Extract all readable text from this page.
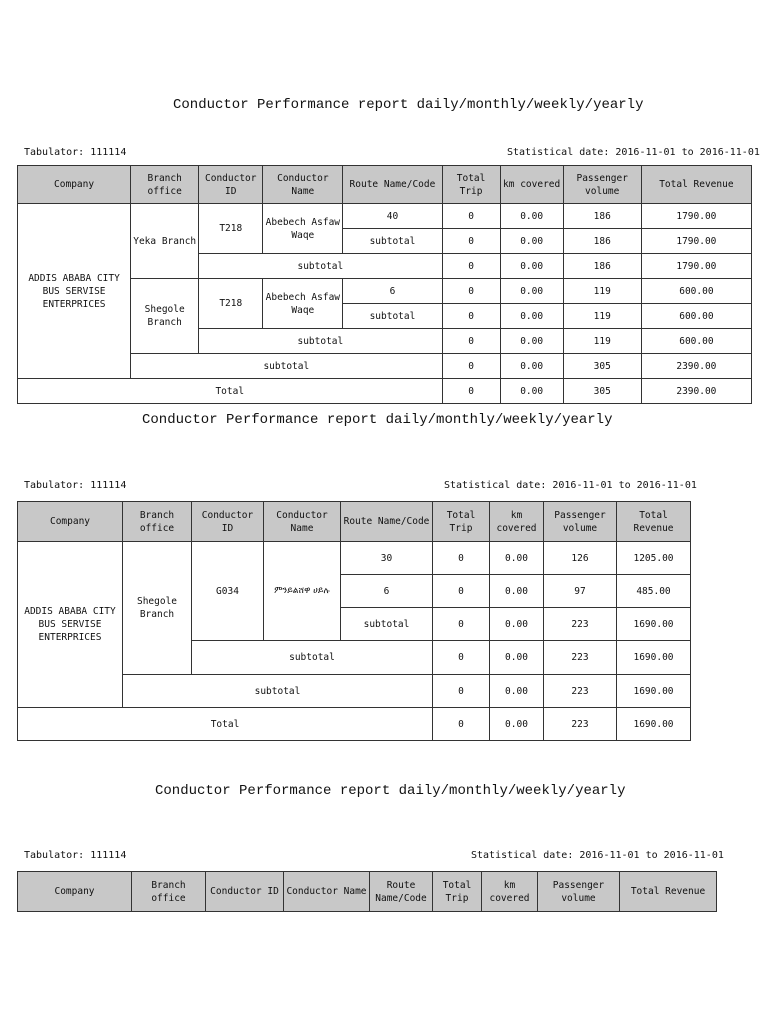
Conductor Performance report daily/monthly/weekly/yearly
Tabulator: 111114	Statistical date: 2016-11-01 to 2016-11-01
Company	Branch office	Conductor ID	Conductor Name	Route Name/Code	Total Trip	km covered	Passenger volume	Total Revenue
ADDIS ABABA CITY BUS SERVISE ENTERPRICES	Yeka Branch	T218	Abebech Asfaw Waqe	40	0	0.00	186	1790.00
				subtotal	0	0.00	186	1790.00
		subtotal			0	0.00	186	1790.00
	Shegole Branch	T218	Abebech Asfaw Waqe	6	0	0.00	119	600.00
				subtotal	0	0.00	119	600.00
		subtotal			0	0.00	119	600.00
	subtotal				0	0.00	305	2390.00
Total					0	0.00	305	2390.00
Conductor Performance report daily/monthly/weekly/yearly
Tabulator: 111114	Statistical date: 2016-11-01 to 2016-11-01
Company	Branch office	Conductor ID	Conductor Name	Route Name/Code	Total Trip	km covered	Passenger volume	Total Revenue
ADDIS ABABA CITY BUS SERVISE ENTERPRICES	Shegole Branch	G034	ምንይልሸዋ ሀይሉ	30	0	0.00	126	1205.00
				6	0	0.00	97	485.00
				subtotal	0	0.00	223	1690.00
		subtotal			0	0.00	223	1690.00
	subtotal				0	0.00	223	1690.00
Total					0	0.00	223	1690.00
Conductor Performance report daily/monthly/weekly/yearly
Tabulator: 111114	Statistical date: 2016-11-01 to 2016-11-01
Company	Branch office	Conductor ID	Conductor Name	Route Name/Code	Total Trip	km covered	Passenger volume	Total Revenue
